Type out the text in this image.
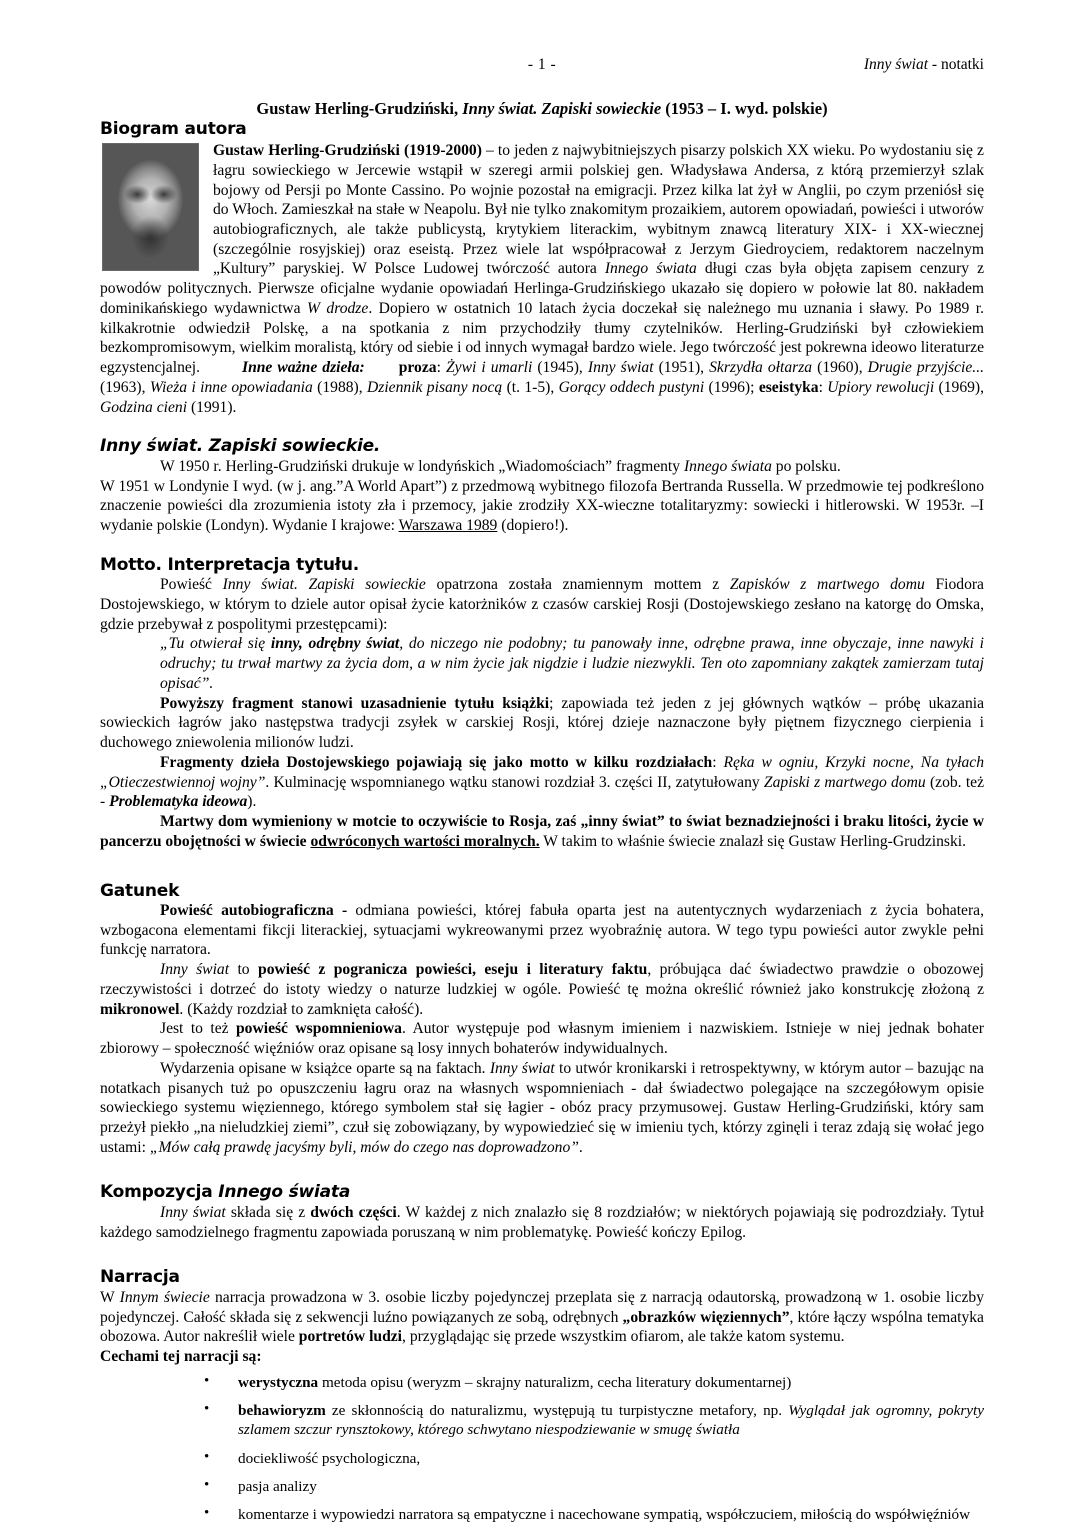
- 1 -	Inny świat - notatki
Gustaw Herling-Grudziński, Inny świat. Zapiski sowieckie (1953 – I. wyd. polskie)
Biogram autora

Gustaw Herling-Grudziński (1919-2000) – to jeden z najwybitniejszych pisarzy polskich XX wieku. Po wydostaniu się z łagru sowieckiego w Jercewie wstąpił w szeregi armii polskiej gen. Władysława Andersa, z którą przemierzył szlak bojowy od Persji po Monte Cassino. Po wojnie pozostał na emigracji. Przez kilka lat żył w Anglii, po czym przeniósł się do Włoch. Zamieszkał na stałe w Neapolu. Był nie tylko znakomitym prozaikiem, autorem opowiadań, powieści i utworów autobiograficznych, ale także publicystą, krytykiem literackim, wybitnym znawcą literatury XIX- i XX-wiecznej (szczególnie rosyjskiej) oraz eseistą. Przez wiele lat współpracował z Jerzym Giedroyciem, redaktorem naczelnym „Kultury” paryskiej. W Polsce Ludowej twórczość autora Innego świata długi czas była objęta zapisem cenzury z powodów politycznych. Pierwsze oficjalne wydanie opowiadań Herlinga-Grudzińskiego ukazało się dopiero w połowie lat 80. nakładem dominikańskiego wydawnictwa W drodze. Dopiero w ostatnich 10 latach życia doczekał się należnego mu uznania i sławy. Po 1989 r. kilkakrotnie odwiedził Polskę, a na spotkania z nim przychodziły tłumy czytelników. Herling-Grudziński był człowiekiem bezkompromisowym, wielkim moralistą, który od siebie i od innych wymagał bardzo wiele. Jego twórczość jest pokrewna ideowo literaturze egzystencjalnej.	Inne ważne dzieła: proza: Żywi i umarli (1945), Inny świat (1951), Skrzydła ołtarza (1960), Drugie przyjście... (1963), Wieża i inne opowiadania (1988), Dziennik pisany nocą (t. 1-5), Gorący oddech pustyni (1996); eseistyka: Upiory rewolucji (1969), Godzina cieni (1991).

Inny świat. Zapiski sowieckie.

W 1950 r. Herling-Grudziński drukuje w londyńskich „Wiadomościach” fragmenty Innego świata po polsku.

W 1951 w Londynie I wyd. (w j. ang.”A World Apart”) z przedmową wybitnego filozofa Bertranda Russella. W przedmowie tej podkreślono znaczenie powieści dla zrozumienia istoty zła i przemocy, jakie zrodziły XX-wieczne totalitaryzmy: sowiecki i hitlerowski. W 1953r. –I wydanie polskie (Londyn). Wydanie I krajowe: Warszawa 1989 (dopiero!).

Motto. Interpretacja tytułu.

Powieść Inny świat. Zapiski sowieckie opatrzona została znamiennym mottem z Zapisków z martwego domu Fiodora Dostojewskiego, w którym to dziele autor opisał życie katorżników z czasów carskiej Rosji (Dostojewskiego zesłano na katorgę do Omska, gdzie przebywał z pospolitymi przestępcami):

„Tu otwierał się inny, odrębny świat, do niczego nie podobny; tu panowały inne, odrębne prawa, inne obyczaje, inne nawyki i odruchy; tu trwał martwy za życia dom, a w nim życie jak nigdzie i ludzie niezwykli. Ten oto zapomniany zakątek zamierzam tutaj opisać”.

Powyższy fragment stanowi uzasadnienie tytułu książki; zapowiada też jeden z jej głównych wątków – próbę ukazania sowieckich łagrów jako następstwa tradycji zsyłek w carskiej Rosji, której dzieje naznaczone były piętnem fizycznego cierpienia i duchowego zniewolenia milionów ludzi.

Fragmenty dzieła Dostojewskiego pojawiają się jako motto w kilku rozdziałach: Ręka w ogniu, Krzyki nocne, Na tyłach „Otieczestwiennoj wojny”. Kulminację wspomnianego wątku stanowi rozdział 3. części II, zatytułowany Zapiski z martwego domu (zob. też - Problematyka ideowa).

Martwy dom wymieniony w motcie to oczywiście to Rosja, zaś „inny świat” to świat beznadziejności i braku litości, życie w pancerzu obojętności w świecie odwróconych wartości moralnych. W takim to właśnie świecie znalazł się Gustaw Herling-Grudzinski.

Gatunek

Powieść autobiograficzna - odmiana powieści, której fabuła oparta jest na autentycznych wydarzeniach z życia bohatera, wzbogacona elementami fikcji literackiej, sytuacjami wykreowanymi przez wyobraźnię autora. W tego typu powieści autor zwykle pełni funkcję narratora.

Inny świat to powieść z pogranicza powieści, eseju i literatury faktu, próbująca dać świadectwo prawdzie o obozowej rzeczywistości i dotrzeć do istoty wiedzy o naturze ludzkiej w ogóle. Powieść tę można określić również jako konstrukcję złożoną z mikronowel. (Każdy rozdział to zamknięta całość).

Jest to też powieść wspomnieniowa. Autor występuje pod własnym imieniem i nazwiskiem. Istnieje w niej jednak bohater zbiorowy – społeczność więźniów oraz opisane są losy innych bohaterów indywidualnych.

Wydarzenia opisane w książce oparte są na faktach. Inny świat to utwór kronikarski i retrospektywny, w którym autor – bazując na notatkach pisanych tuż po opuszczeniu łagru oraz na własnych wspomnieniach - dał świadectwo polegające na szczegółowym opisie sowieckiego systemu więziennego, którego symbolem stał się łagier - obóz pracy przymusowej. Gustaw Herling-Grudziński, który sam przeżył piekło „na nieludzkiej ziemi”, czuł się zobowiązany, by wypowiedzieć się w imieniu tych, którzy zginęli i teraz zdają się wołać jego ustami: „Mów całą prawdę jacyśmy byli, mów do czego nas doprowadzono”.

Kompozycja Innego świata

Inny świat składa się z dwóch części. W każdej z nich znalazło się 8 rozdziałów; w niektórych pojawiają się podrozdziały. Tytuł każdego samodzielnego fragmentu zapowiada poruszaną w nim problematykę. Powieść kończy Epilog.

Narracja

W Innym świecie narracja prowadzona w 3. osobie liczby pojedynczej przeplata się z narracją odautorską, prowadzoną w 1. osobie liczby pojedynczej. Całość składa się z sekwencji luźno powiązanych ze sobą, odrębnych „obrazków więziennych”, które łączy wspólna tematyka obozowa. Autor nakreślił wiele portretów ludzi, przyglądając się przede wszystkim ofiarom, ale także katom systemu.

Cechami tej narracji są:

• werystyczna metoda opisu (weryzm – skrajny naturalizm, cecha literatury dokumentarnej)
• behawioryzm ze skłonnością do naturalizmu, występują tu turpistyczne metafory, np. Wyglądał jak ogromny, pokryty szlamem szczur rynsztokowy, którego schwytano niespodziewanie w smugę światła
• dociekliwość psychologiczna,
• pasja analizy
• komentarze i wypowiedzi narratora są empatyczne i nacechowane sympatią, współczuciem, miłością do współwięźniów
